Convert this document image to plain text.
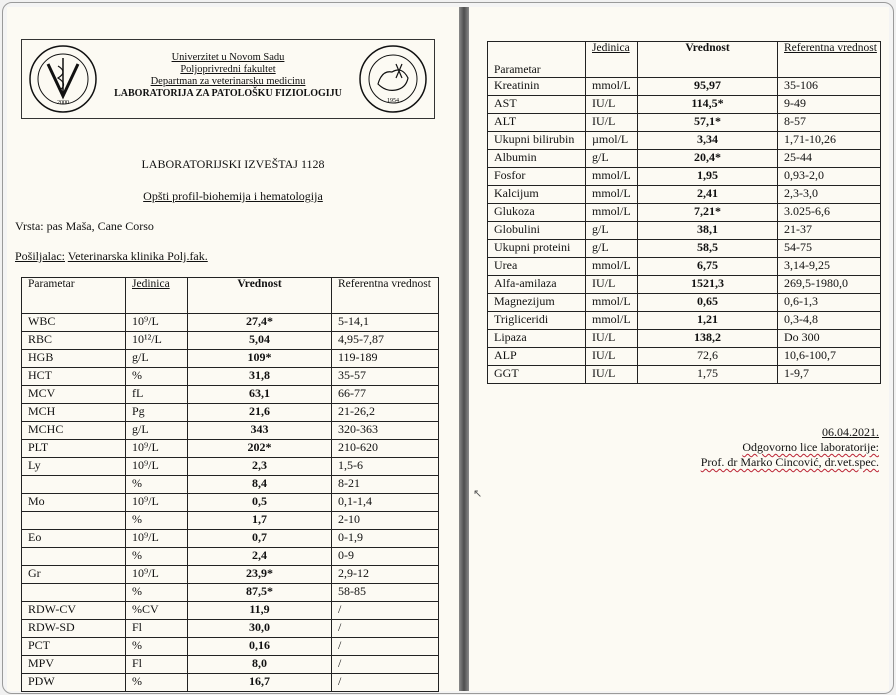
2000
Univerzitet u Novom Sadu
Poljoprivredni fakultet
Departman za veterinarsku medicinu
LABORATORIJA ZA PATOLOŠKU FIZIOLOGIJU
1954
LABORATORIJSKI IZVEŠTAJ 1128
Opšti profil-biohemija i hematologija
Vrsta: pas Maša, Cane Corso
Pošiljalac: Veterinarska klinika Polj.fak.
Parametar	Jedinica	Vrednost	Referentna vrednost
WBC	10⁹/L	27,4*	5-14,1
RBC	10¹²/L	5,04	4,95-7,87
HGB	g/L	109*	119-189
HCT	%	31,8	35-57
MCV	fL	63,1	66-77
MCH	Pg	21,6	21-26,2
MCHC	g/L	343	320-363
PLT	10⁹/L	202*	210-620
Ly	10⁹/L	2,3	1,5-6
	%	8,4	8-21
Mo	10⁹/L	0,5	0,1-1,4
	%	1,7	2-10
Eo	10⁹/L	0,7	0-1,9
	%	2,4	0-9
Gr	10⁹/L	23,9*	2,9-12
	%	87,5*	58-85
RDW-CV	%CV	11,9	/
RDW-SD	Fl	30,0	/
PCT	%	0,16	/
MPV	Fl	8,0	/
PDW	%	16,7	/
Parametar	Jedinica	Vrednost	Referentna vrednost
Kreatinin	mmol/L	95,97	35-106
AST	IU/L	114,5*	9-49
ALT	IU/L	57,1*	8-57
Ukupni bilirubin	µmol/L	3,34	1,71-10,26
Albumin	g/L	20,4*	25-44
Fosfor	mmol/L	1,95	0,93-2,0
Kalcijum	mmol/L	2,41	2,3-3,0
Glukoza	mmol/L	7,21*	3.025-6,6
Globulini	g/L	38,1	21-37
Ukupni proteini	g/L	58,5	54-75
Urea	mmol/L	6,75	3,14-9,25
Alfa-amilaza	IU/L	1521,3	269,5-1980,0
Magnezijum	mmol/L	0,65	0,6-1,3
Trigliceridi	mmol/L	1,21	0,3-4,8
Lipaza	IU/L	138,2	Do 300
ALP	IU/L	72,6	10,6-100,7
GGT	IU/L	1,75	1-9,7
06.04.2021.
Odgovorno lice laboratorije:
Prof. dr Marko Cincović, dr.vet.spec.
↖
